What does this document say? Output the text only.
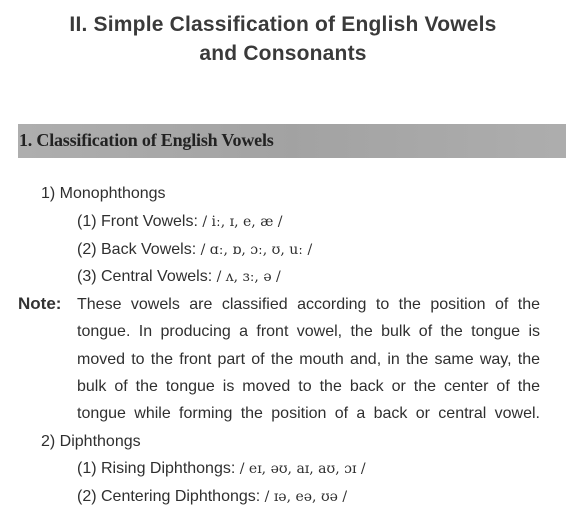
II. Simple Classification of English Vowels
and Consonants
1. Classification of English Vowels
1) Monophthongs
(1) Front Vowels: / iː, ɪ, e, æ /
(2) Back Vowels: / ɑː, ɒ, ɔː, ʊ, uː /
(3) Central Vowels: / ʌ, ɜː, ə /
Note: These vowels are classified according to the position of the
tongue. In producing a front vowel, the bulk of the tongue is
moved to the front part of the mouth and, in the same way, the
bulk of the tongue is moved to the back or the center of the
tongue while forming the position of a back or central vowel.
2) Diphthongs
(1) Rising Diphthongs: / eɪ, əʊ, aɪ, aʊ, ɔɪ /
(2) Centering Diphthongs: / ɪə, eə, ʊə /
